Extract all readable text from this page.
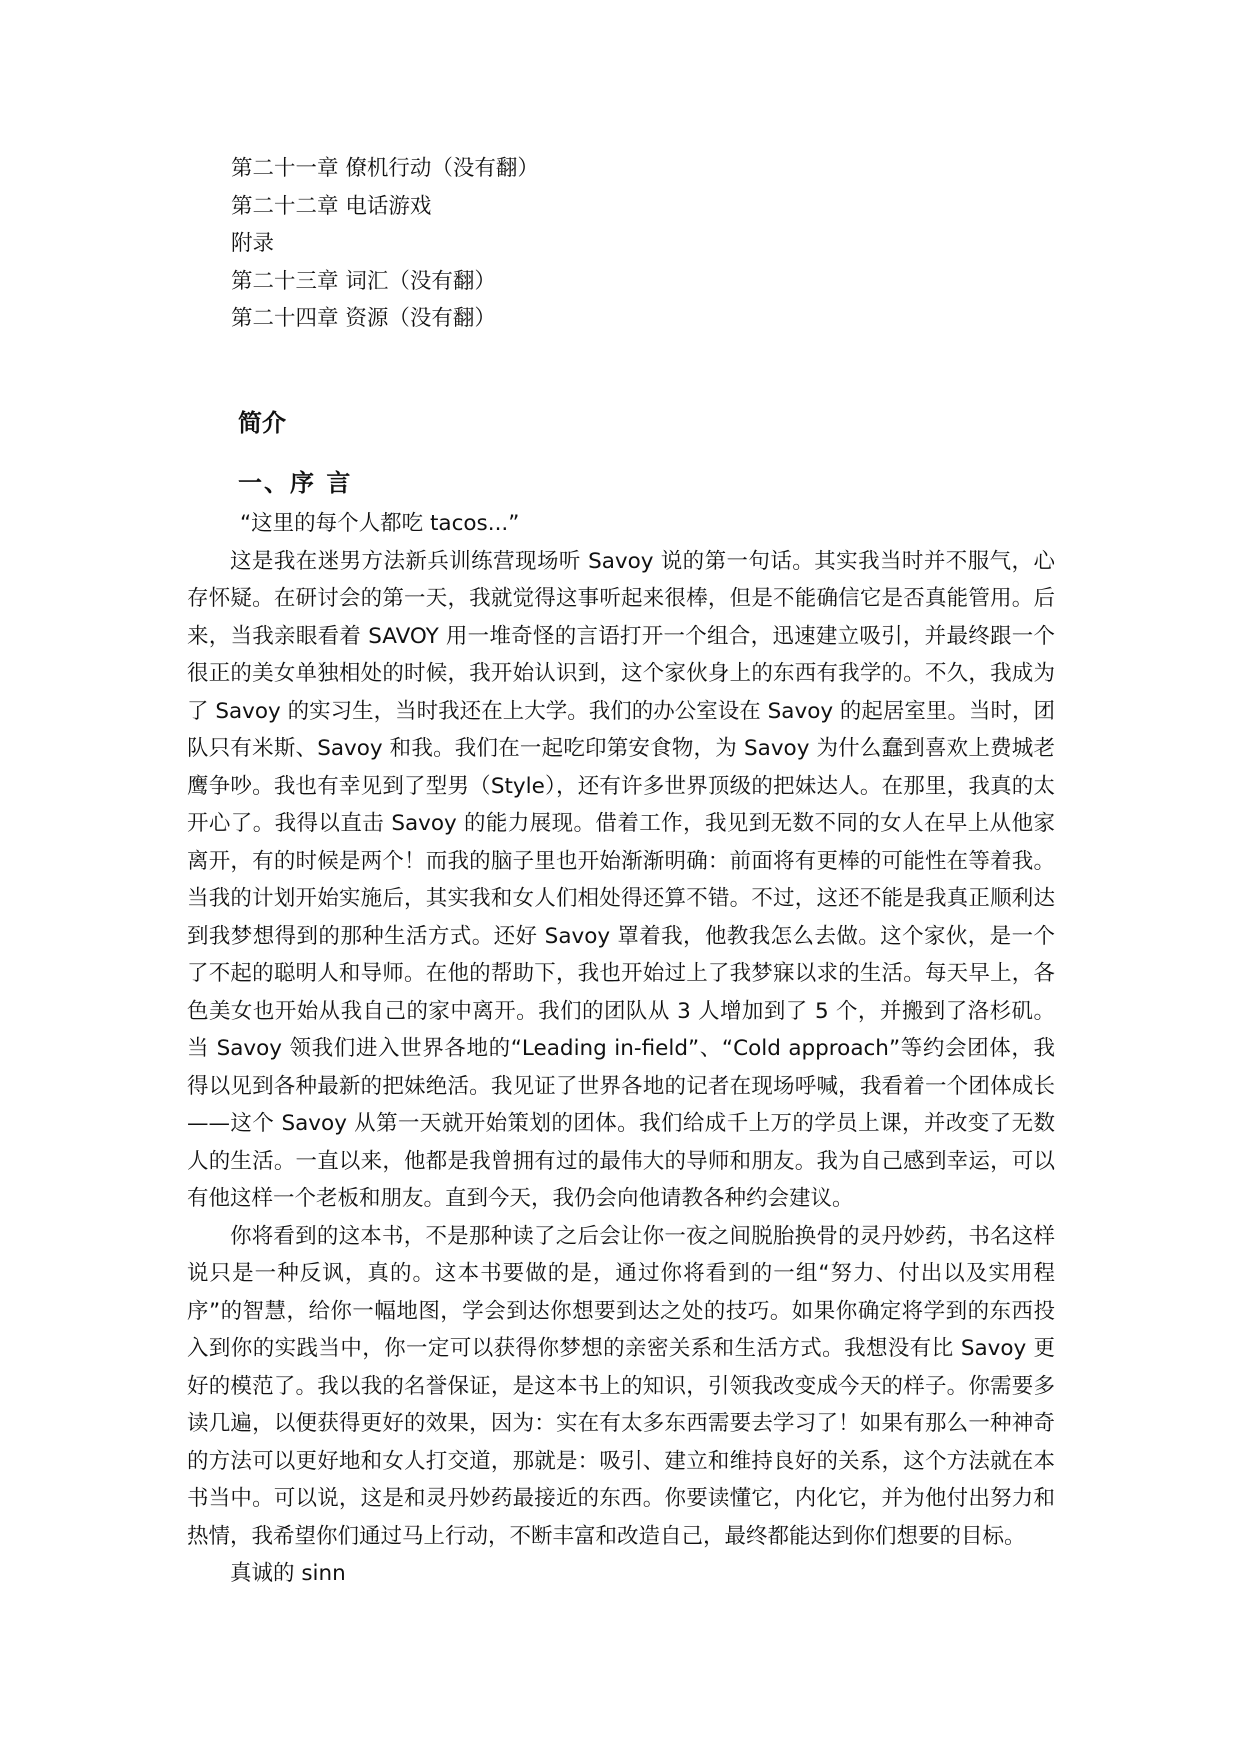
第二十一章 僚机行动（没有翻）
第二十二章 电话游戏
附录
第二十三章 词汇（没有翻）
第二十四章 资源（没有翻）
简介
一、序 言

“这里的每个人都吃 tacos...”

这是我在迷男方法新兵训练营现场听 Savoy 说的第一句话。其实我当时并不服气，心存怀疑。在研讨会的第一天，我就觉得这事听起来很棒，但是不能确信它是否真能管用。后来，当我亲眼看着 SAVOY 用一堆奇怪的言语打开一个组合，迅速建立吸引，并最终跟一个很正的美女单独相处的时候，我开始认识到，这个家伙身上的东西有我学的。不久，我成为了 Savoy 的实习生，当时我还在上大学。我们的办公室设在 Savoy 的起居室里。当时，团队只有米斯、Savoy 和我。我们在一起吃印第安食物，为 Savoy 为什么蠢到喜欢上费城老鹰争吵。我也有幸见到了型男（Style），还有许多世界顶级的把妹达人。在那里，我真的太开心了。我得以直击 Savoy 的能力展现。借着工作，我见到无数不同的女人在早上从他家离开，有的时候是两个！而我的脑子里也开始渐渐明确：前面将有更棒的可能性在等着我。当我的计划开始实施后，其实我和女人们相处得还算不错。不过，这还不能是我真正顺利达到我梦想得到的那种生活方式。还好 Savoy 罩着我，他教我怎么去做。这个家伙，是一个了不起的聪明人和导师。在他的帮助下，我也开始过上了我梦寐以求的生活。每天早上，各色美女也开始从我自己的家中离开。我们的团队从 3 人增加到了 5 个，并搬到了洛杉矶。当 Savoy 领我们进入世界各地的“Leading in-field”、“Cold approach”等约会团体，我得以见到各种最新的把妹绝活。我见证了世界各地的记者在现场呼喊，我看着一个团体成长——这个 Savoy 从第一天就开始策划的团体。我们给成千上万的学员上课，并改变了无数人的生活。一直以来，他都是我曾拥有过的最伟大的导师和朋友。我为自己感到幸运，可以有他这样一个老板和朋友。直到今天，我仍会向他请教各种约会建议。

你将看到的这本书，不是那种读了之后会让你一夜之间脱胎换骨的灵丹妙药，书名这样说只是一种反讽，真的。这本书要做的是，通过你将看到的一组“努力、付出以及实用程序”的智慧，给你一幅地图，学会到达你想要到达之处的技巧。如果你确定将学到的东西投入到你的实践当中，你一定可以获得你梦想的亲密关系和生活方式。我想没有比 Savoy 更好的模范了。我以我的名誉保证，是这本书上的知识，引领我改变成今天的样子。你需要多读几遍，以便获得更好的效果，因为：实在有太多东西需要去学习了！如果有那么一种神奇的方法可以更好地和女人打交道，那就是：吸引、建立和维持良好的关系，这个方法就在本书当中。可以说，这是和灵丹妙药最接近的东西。你要读懂它，内化它，并为他付出努力和热情，我希望你们通过马上行动，不断丰富和改造自己，最终都能达到你们想要的目标。

真诚的 sinn
